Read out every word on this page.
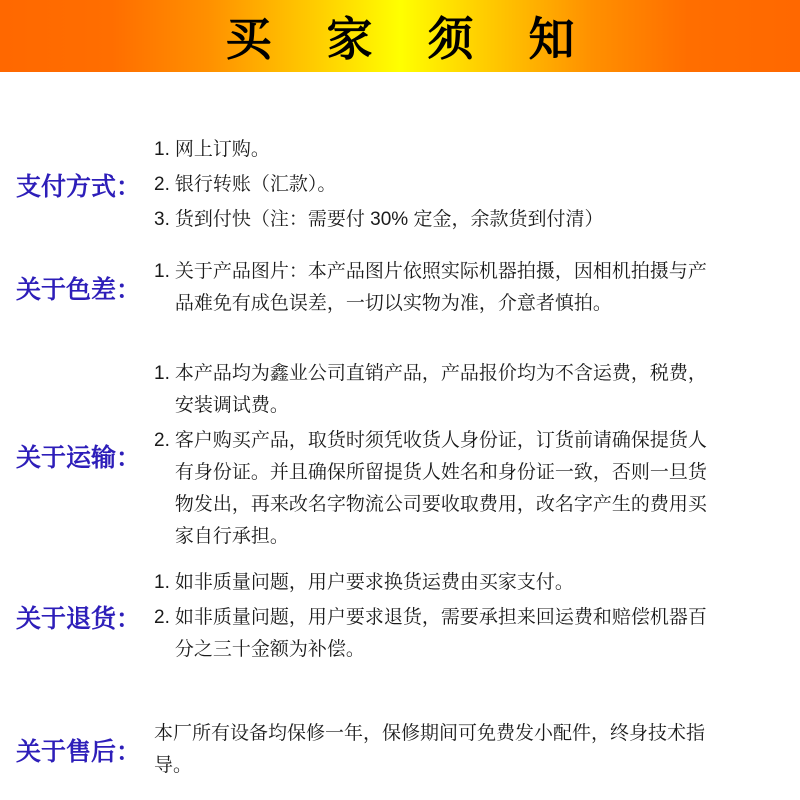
买家须知
支付方式：
1. 网上订购。
2. 银行转账（汇款）。
3. 货到付快（注：需要付 30% 定金，余款货到付清）
关于色差：
1. 关于产品图片：本产品图片依照实际机器拍摄，因相机拍摄与产品难免有成色误差，一切以实物为准，介意者慎拍。
关于运输：
1. 本产品均为鑫业公司直销产品，产品报价均为不含运费，税费，安装调试费。
2. 客户购买产品，取货时须凭收货人身份证，订货前请确保提货人有身份证。并且确保所留提货人姓名和身份证一致，否则一旦货物发出，再来改名字物流公司要收取费用，改名字产生的费用买家自行承担。
关于退货：
1. 如非质量问题，用户要求换货运费由买家支付。
2. 如非质量问题，用户要求退货，需要承担来回运费和赔偿机器百分之三十金额为补偿。
关于售后：
本厂所有设备均保修一年，保修期间可免费发小配件，终身技术指导。
